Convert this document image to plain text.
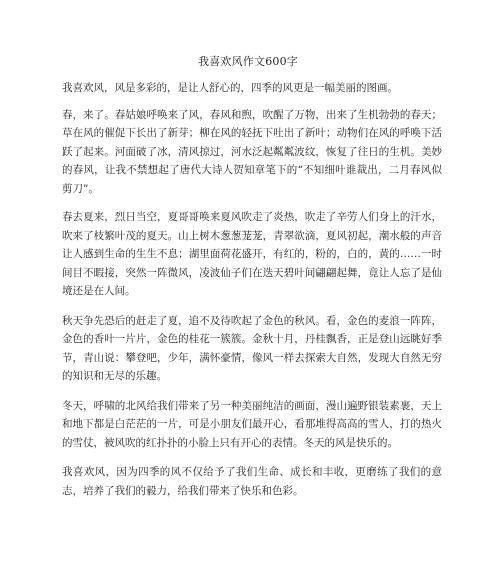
我喜欢风作文600字

我喜欢风，风是多彩的，是让人舒心的，四季的风更是一幅美丽的图画。

春，来了。春姑娘呼唤来了风，春风和煦，吹醒了万物，出来了生机勃勃的春天；草在风的催促下长出了新芽；柳在风的轻抚下吐出了新叶；动物们在风的呼唤下活跃了起来。河面破了冰，清风掠过，河水泛起粼粼波纹，恢复了往日的生机。美妙的春风，让我不禁想起了唐代大诗人贺知章笔下的“不知细叶谁裁出，二月春风似剪刀”。

春去夏来，烈日当空，夏哥哥唤来夏风吹走了炎热，吹走了辛劳人们身上的汗水，吹来了枝繁叶茂的夏天。山上树木葱葱茏茏，青翠欲滴，夏风初起，潮水般的声音让人感到生命的生生不息；湖里面荷花盛开，有红的，粉的，白的，黄的……一时间目不暇接，突然一阵微风，凌波仙子们在迭天碧叶间翩翩起舞，竟让人忘了是仙境还是在人间。

秋天争先恐后的赶走了夏，追不及待吹起了金色的秋风。看，金色的麦浪一阵阵，金色的香叶一片片，金色的桂花一簇簇。金秋十月，丹桂飘香，正是登山远眺好季节，青山说：攀登吧，少年，满怀豪情，像风一样去探索大自然，发现大自然无穷的知识和无尽的乐趣。

冬天，呼啸的北风给我们带来了另一种美丽纯洁的画面，漫山遍野银装素裹，天上和地下都是白茫茫的一片，可是小朋友们最开心，看那堆得高高的雪人，打的热火的雪仗，被风吹的红扑扑的小脸上只有开心的表情。冬天的风是快乐的。

我喜欢风，因为四季的风不仅给予了我们生命、成长和丰收，更磨练了我们的意志，培养了我们的毅力，给我们带来了快乐和色彩。
